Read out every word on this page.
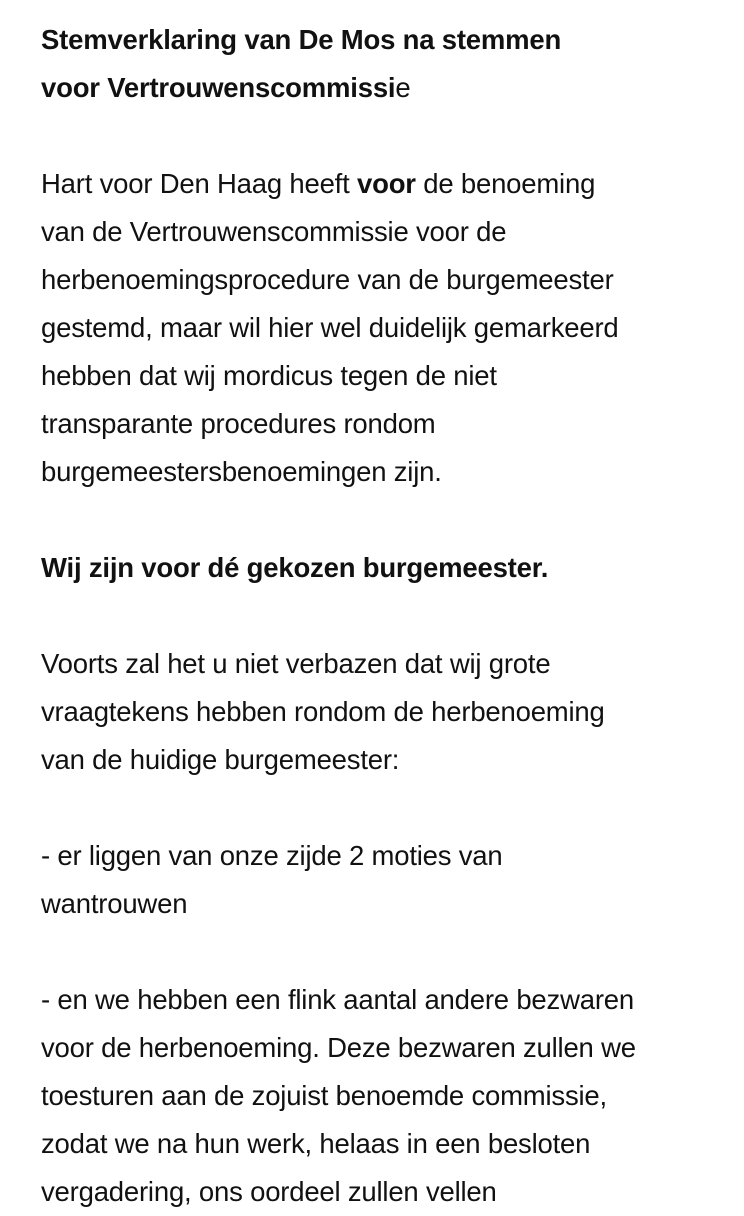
Stemverklaring van De Mos na stemmen

voor Vertrouwenscommissie

Hart voor Den Haag heeft voor de benoeming

van de Vertrouwenscommissie voor de

herbenoemingsprocedure van de burgemeester

gestemd, maar wil hier wel duidelijk gemarkeerd

hebben dat wij mordicus tegen de niet

transparante procedures rondom

burgemeestersbenoemingen zijn.

Wij zijn voor dé gekozen burgemeester.

Voorts zal het u niet verbazen dat wij grote

vraagtekens hebben rondom de herbenoeming

van de huidige burgemeester:

- er liggen van onze zijde 2 moties van

wantrouwen

- en we hebben een flink aantal andere bezwaren

voor de herbenoeming. Deze bezwaren zullen we

toesturen aan de zojuist benoemde commissie,

zodat we na hun werk, helaas in een besloten

vergadering, ons oordeel zullen vellen
